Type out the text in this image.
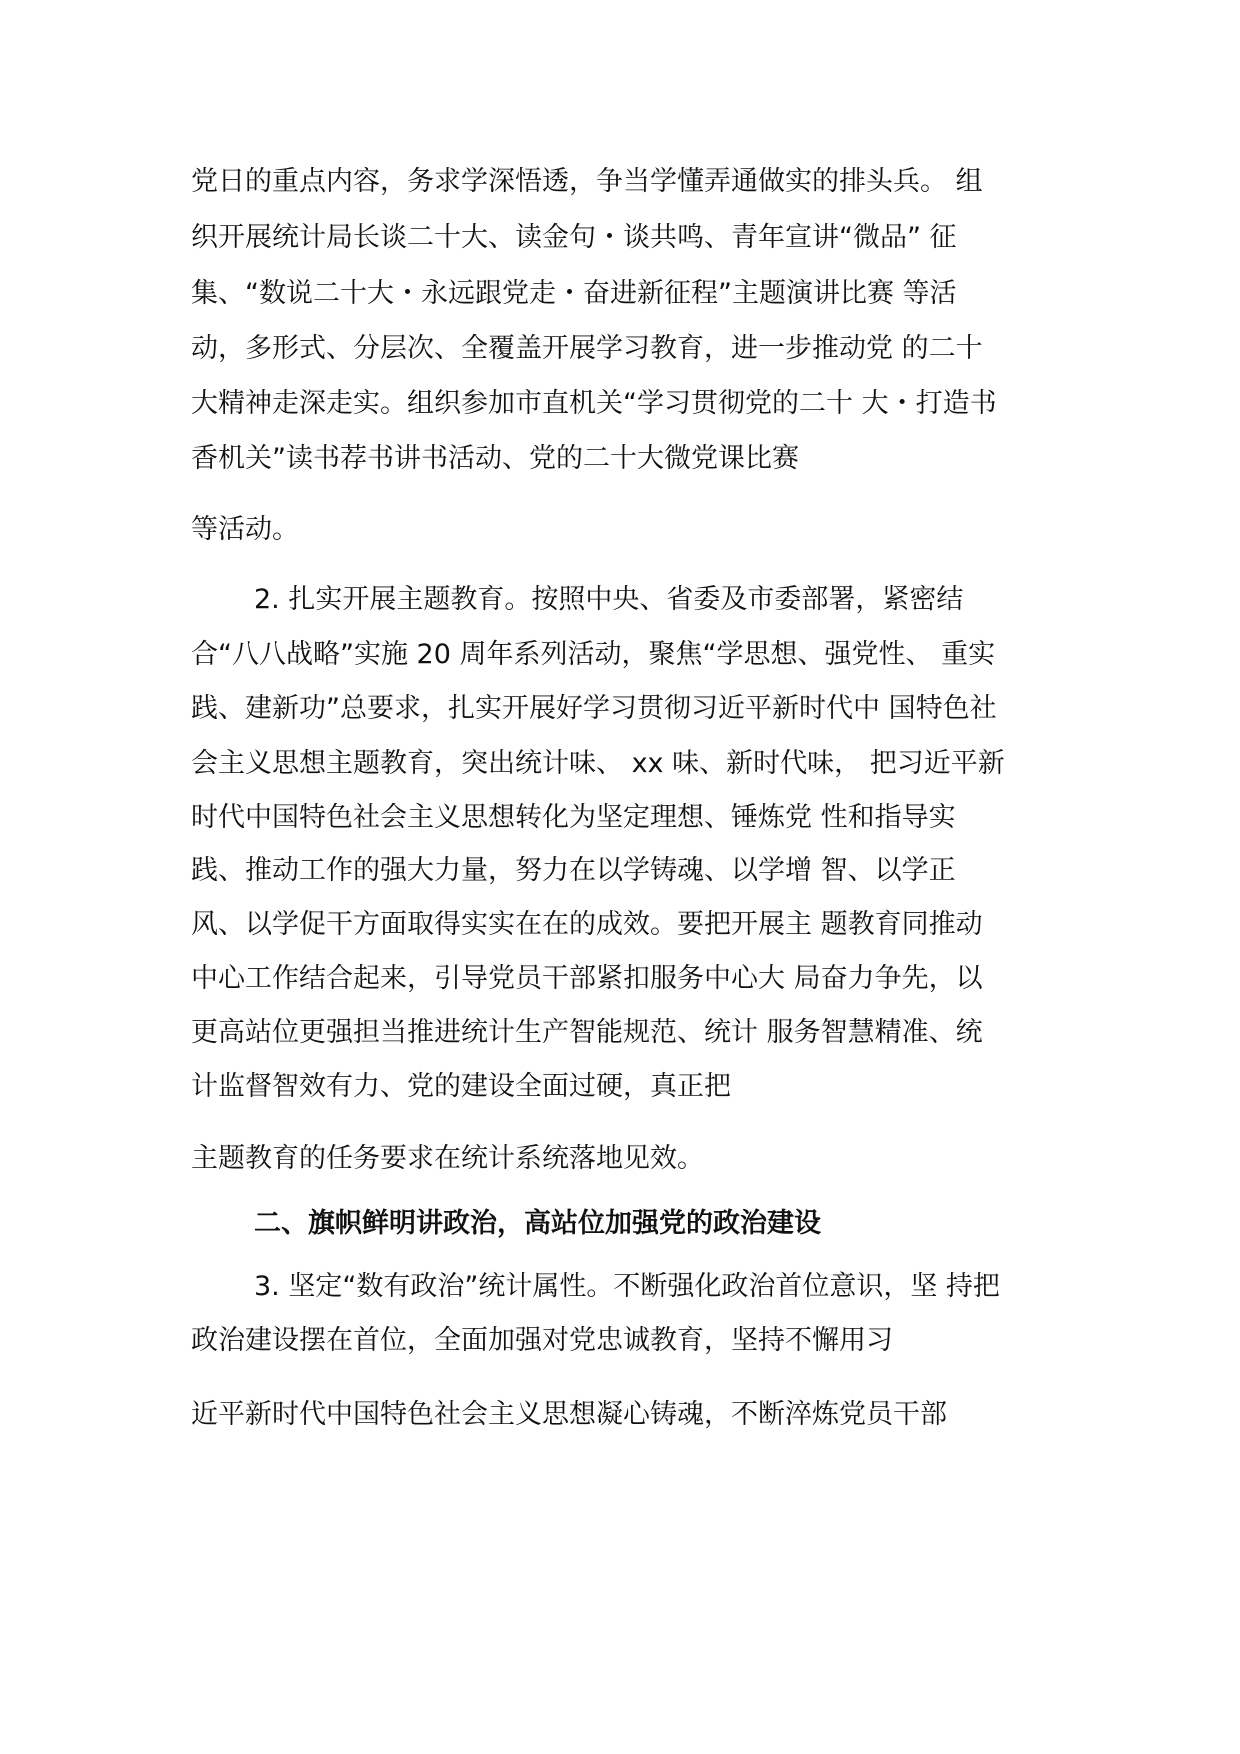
党日的重点内容，务求学深悟透，争当学懂弄通做实的排头兵。 组
织开展统计局长谈二十大、读金句・谈共鸣、青年宣讲“微品” 征
集、“数说二十大・永远跟党走・奋进新征程”主题演讲比赛 等活
动，多形式、分层次、全覆盖开展学习教育，进一步推动党 的二十
大精神走深走实。组织参加市直机关“学习贯彻党的二十 大・打造书
香机关”读书荐书讲书活动、党的二十大微党课比赛
等活动。
2. 扎实开展主题教育。按照中央、省委及市委部署，紧密结
合“八八战略”实施 20 周年系列活动，聚焦“学思想、强党性、 重实
践、建新功”总要求，扎实开展好学习贯彻习近平新时代中 国特色社
会主义思想主题教育，突出统计味、 xx 味、新时代味， 把习近平新
时代中国特色社会主义思想转化为坚定理想、锤炼党 性和指导实
践、推动工作的强大力量，努力在以学铸魂、以学增 智、以学正
风、以学促干方面取得实实在在的成效。要把开展主 题教育同推动
中心工作结合起来，引导党员干部紧扣服务中心大 局奋力争先，以
更高站位更强担当推进统计生产智能规范、统计 服务智慧精准、统
计监督智效有力、党的建设全面过硬，真正把
主题教育的任务要求在统计系统落地见效。
二、旗帜鲜明讲政治，高站位加强党的政治建设
3. 坚定“数有政治”统计属性。不断强化政治首位意识，坚 持把
政治建设摆在首位，全面加强对党忠诚教育，坚持不懈用习
近平新时代中国特色社会主义思想凝心铸魂，不断淬炼党员干部
